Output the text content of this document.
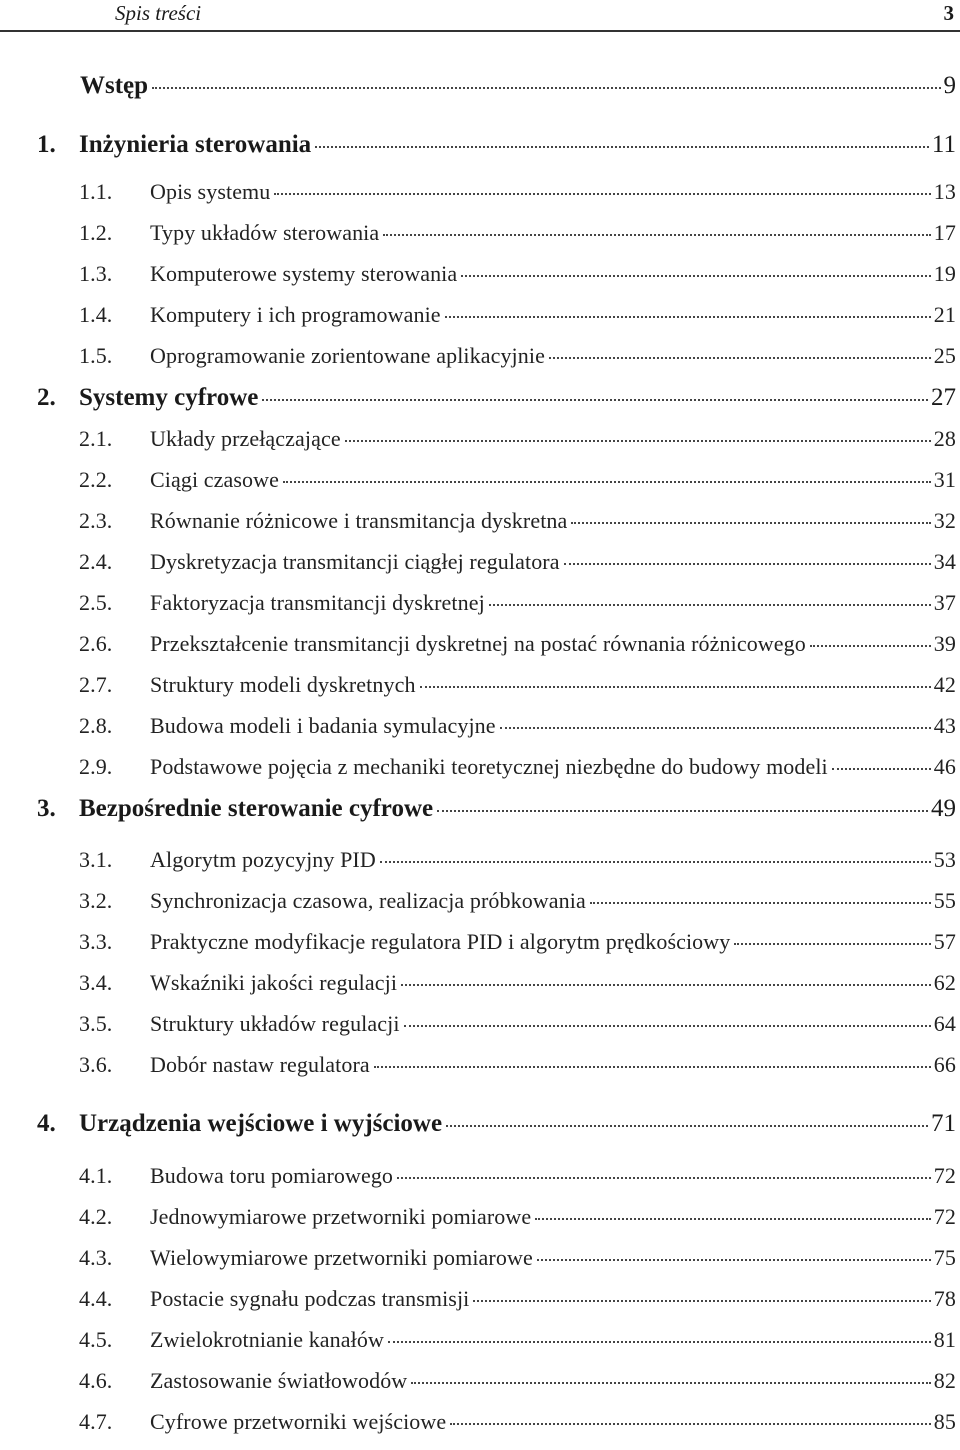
Spis treści	3
Wstęp	9
1. Inżynieria sterowania	11
1.1. Opis systemu	13
1.2. Typy układów sterowania	17
1.3. Komputerowe systemy sterowania	19
1.4. Komputery i ich programowanie	21
1.5. Oprogramowanie zorientowane aplikacyjnie	25
2. Systemy cyfrowe	27
2.1. Układy przełączające	28
2.2. Ciągi czasowe	31
2.3. Równanie różnicowe i transmitancja dyskretna	32
2.4. Dyskretyzacja transmitancji ciągłej regulatora	34
2.5. Faktoryzacja transmitancji dyskretnej	37
2.6. Przekształcenie transmitancji dyskretnej na postać równania różnicowego	39
2.7. Struktury modeli dyskretnych	42
2.8. Budowa modeli i badania symulacyjne	43
2.9. Podstawowe pojęcia z mechaniki teoretycznej niezbędne do budowy modeli	46
3. Bezpośrednie sterowanie cyfrowe	49
3.1. Algorytm pozycyjny PID	53
3.2. Synchronizacja czasowa, realizacja próbkowania	55
3.3. Praktyczne modyfikacje regulatora PID i algorytm prędkościowy	57
3.4. Wskaźniki jakości regulacji	62
3.5. Struktury układów regulacji	64
3.6. Dobór nastaw regulatora	66
4. Urządzenia wejściowe i wyjściowe	71
4.1. Budowa toru pomiarowego	72
4.2. Jednowymiarowe przetworniki pomiarowe	72
4.3. Wielowymiarowe przetworniki pomiarowe	75
4.4. Postacie sygnału podczas transmisji	78
4.5. Zwielokrotnianie kanałów	81
4.6. Zastosowanie światłowodów	82
4.7. Cyfrowe przetworniki wejściowe	85
